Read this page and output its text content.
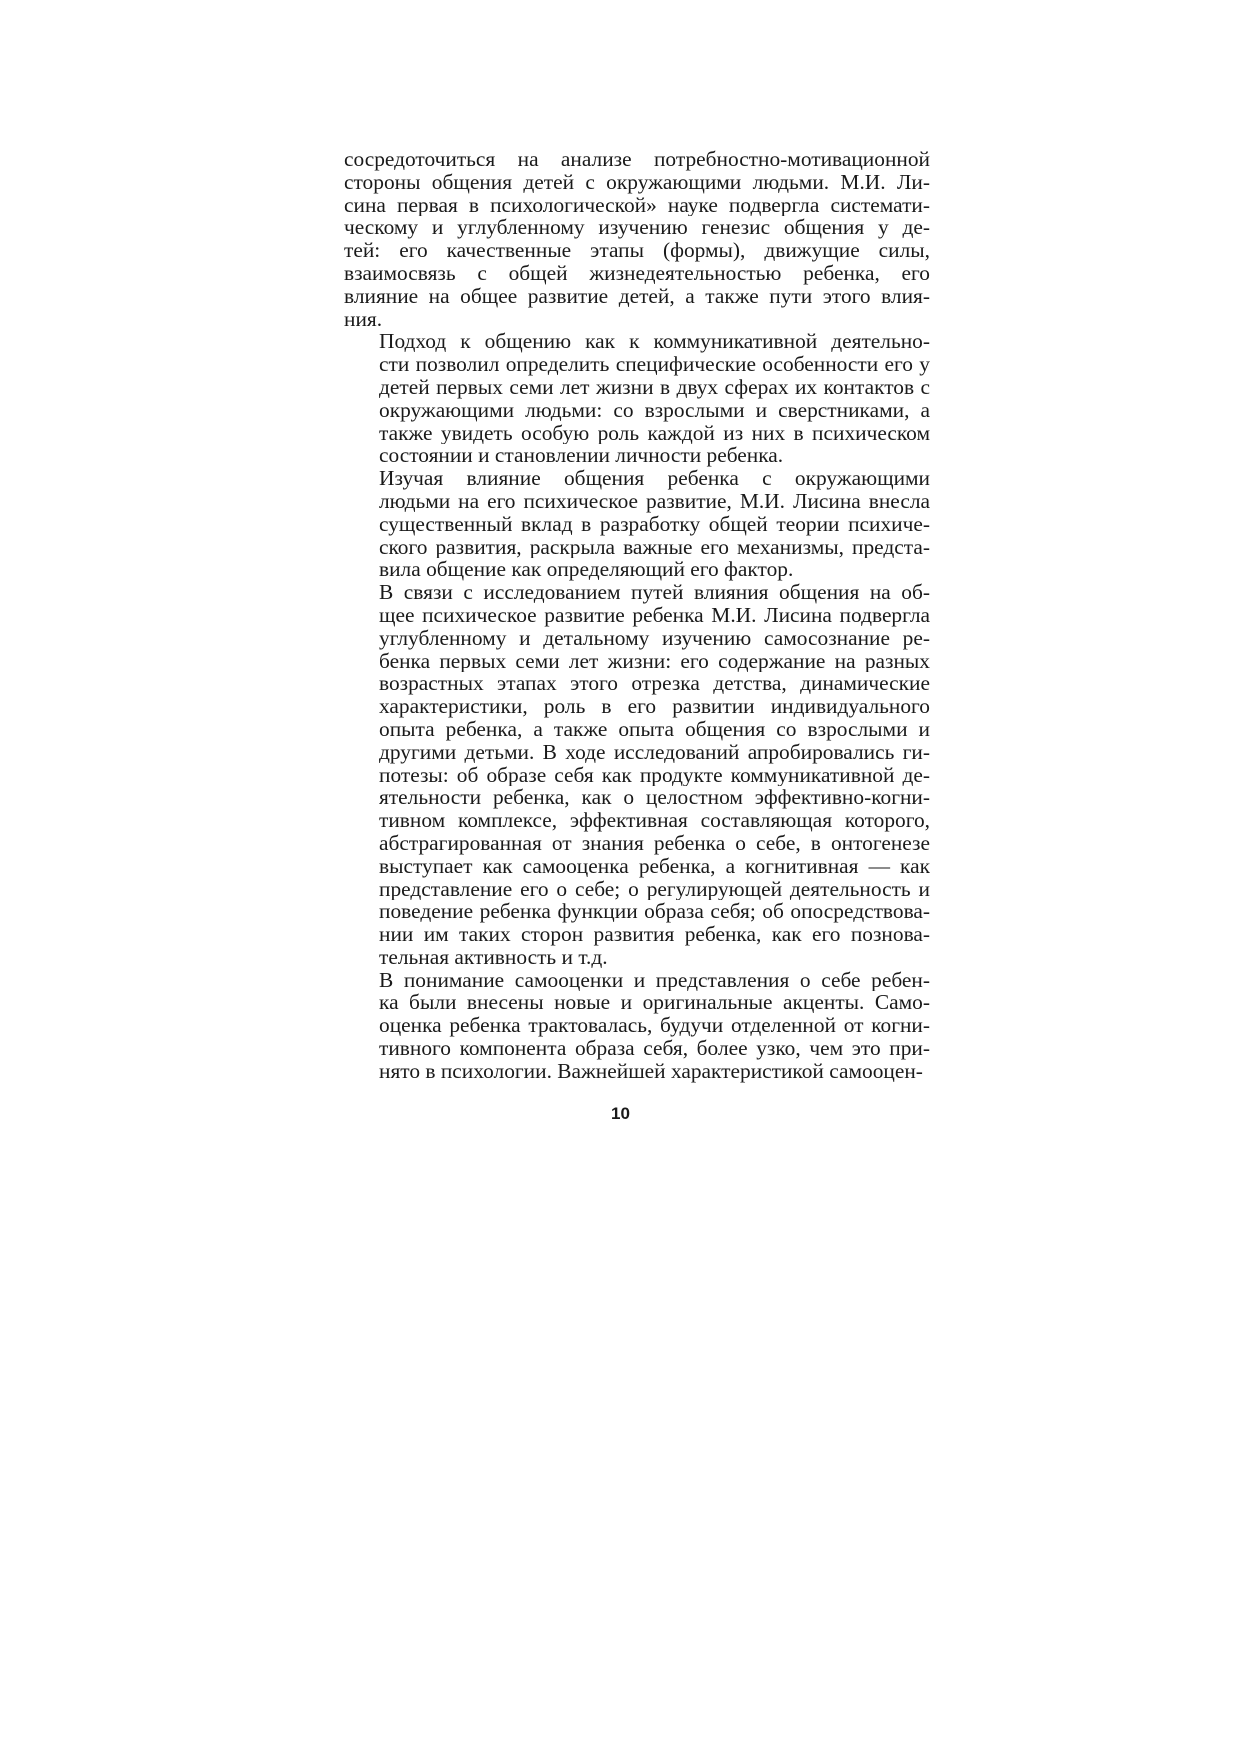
сосредоточиться на анализе потребностно-мотивационной
стороны общения детей с окружающими людьми. М.И. Ли-
сина первая в психологической» науке подвергла системати-
ческому и углубленному изучению генезис общения у де-
тей: его качественные этапы (формы), движущие силы,
взаимосвязь с общей жизнедеятельностью ребенка, его
влияние на общее развитие детей, а также пути этого влия-
ния.
Подход к общению как к коммуникативной деятельно-
сти позволил определить специфические особенности его у
детей первых семи лет жизни в двух сферах их контактов с
окружающими людьми: со взрослыми и сверстниками, а
также увидеть особую роль каждой из них в психическом
состоянии и становлении личности ребенка.
Изучая влияние общения ребенка с окружающими
людьми на его психическое развитие, М.И. Лисина внесла
существенный вклад в разработку общей теории психиче-
ского развития, раскрыла важные его механизмы, предста-
вила общение как определяющий его фактор.
В связи с исследованием путей влияния общения на об-
щее психическое развитие ребенка М.И. Лисина подвергла
углубленному и детальному изучению самосознание ре-
бенка первых семи лет жизни: его содержание на разных
возрастных этапах этого отрезка детства, динамические
характеристики, роль в его развитии индивидуального
опыта ребенка, а также опыта общения со взрослыми и
другими детьми. В ходе исследований апробировались ги-
потезы: об образе себя как продукте коммуникативной де-
ятельности ребенка, как о целостном эффективно-когни-
тивном комплексе, эффективная составляющая которого,
абстрагированная от знания ребенка о себе, в онтогенезе
выступает как самооценка ребенка, а когнитивная — как
представление его о себе; о регулирующей деятельность и
поведение ребенка функции образа себя; об опосредствова-
нии им таких сторон развития ребенка, как его познова-
тельная активность и т.д.
В понимание самооценки и представления о себе ребен-
ка были внесены новые и оригинальные акценты. Само-
оценка ребенка трактовалась, будучи отделенной от когни-
тивного компонента образа себя, более узко, чем это при-
нято в психологии. Важнейшей характеристикой самооцен-
10
